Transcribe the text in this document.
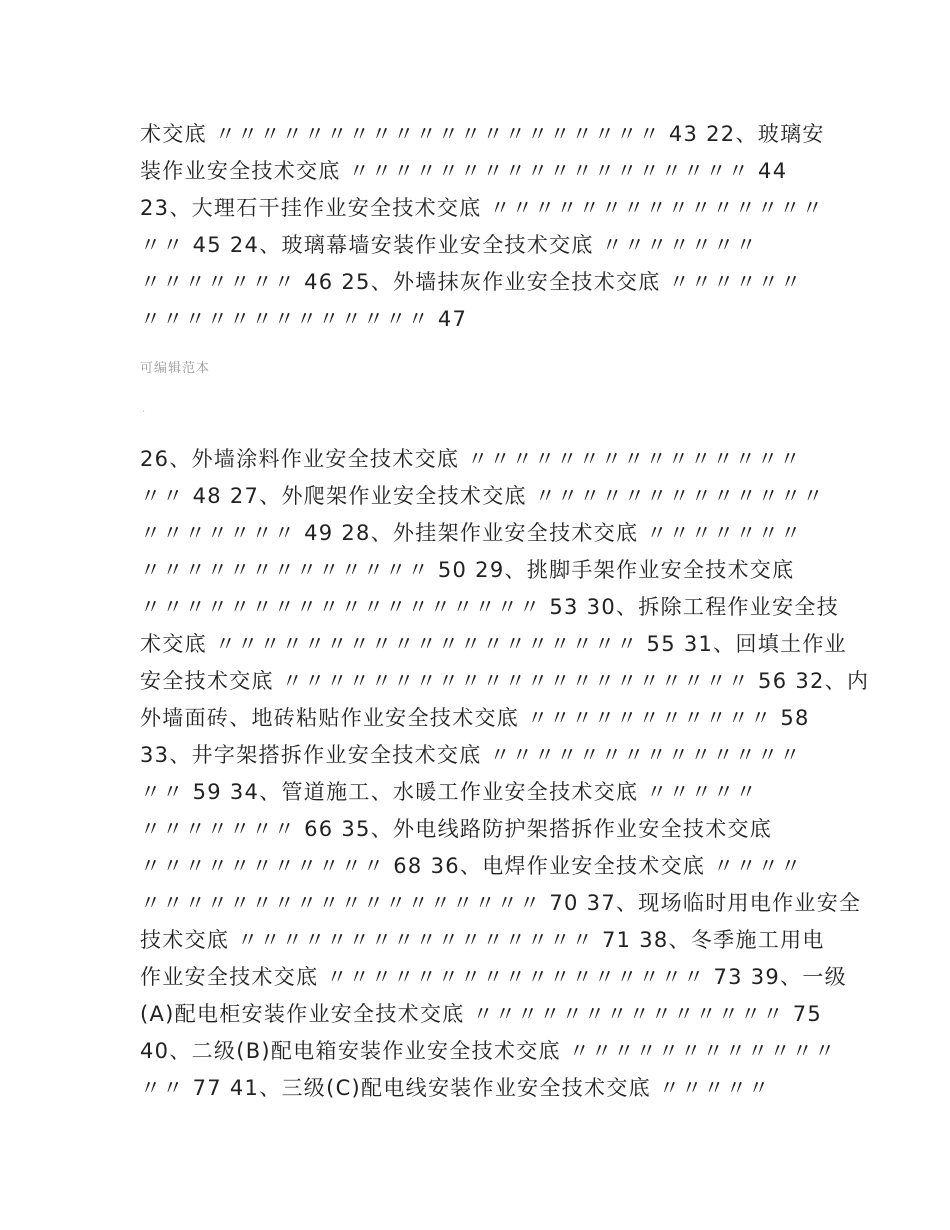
术交底 〃〃〃〃〃〃〃〃〃〃〃〃〃〃〃〃〃〃〃〃 43 22、玻璃安
装作业安全技术交底 〃〃〃〃〃〃〃〃〃〃〃〃〃〃〃〃〃〃 44
23、大理石干挂作业安全技术交底 〃〃〃〃〃〃〃〃〃〃〃〃〃〃〃
〃〃 45 24、玻璃幕墙安装作业安全技术交底 〃〃〃〃〃〃〃
〃〃〃〃〃〃〃 46 25、外墙抹灰作业安全技术交底 〃〃〃〃〃〃
〃〃〃〃〃〃〃〃〃〃〃〃〃 47
可编辑范本
.
26、外墙涂料作业安全技术交底 〃〃〃〃〃〃〃〃〃〃〃〃〃〃〃
〃〃 48 27、外爬架作业安全技术交底 〃〃〃〃〃〃〃〃〃〃〃〃〃
〃〃〃〃〃〃〃 49 28、外挂架作业安全技术交底 〃〃〃〃〃〃〃
〃〃〃〃〃〃〃〃〃〃〃〃〃 50 29、挑脚手架作业安全技术交底
〃〃〃〃〃〃〃〃〃〃〃〃〃〃〃〃〃〃 53 30、拆除工程作业安全技
术交底 〃〃〃〃〃〃〃〃〃〃〃〃〃〃〃〃〃〃〃 55 31、回填土作业
安全技术交底 〃〃〃〃〃〃〃〃〃〃〃〃〃〃〃〃〃〃〃〃〃 56 32、内
外墙面砖、地砖粘贴作业安全技术交底 〃〃〃〃〃〃〃〃〃〃〃 58
33、井字架搭拆作业安全技术交底 〃〃〃〃〃〃〃〃〃〃〃〃〃〃
〃〃 59 34、管道施工、水暖工作业安全技术交底 〃〃〃〃〃
〃〃〃〃〃〃〃 66 35、外电线路防护架搭拆作业安全技术交底
〃〃〃〃〃〃〃〃〃〃〃 68 36、电焊作业安全技术交底 〃〃〃〃
〃〃〃〃〃〃〃〃〃〃〃〃〃〃〃〃〃〃 70 37、现场临时用电作业安全
技术交底 〃〃〃〃〃〃〃〃〃〃〃〃〃〃〃〃 71 38、冬季施工用电
作业安全技术交底 〃〃〃〃〃〃〃〃〃〃〃〃〃〃〃〃〃 73 39、一级
(A)配电柜安装作业安全技术交底 〃〃〃〃〃〃〃〃〃〃〃〃〃〃 75
40、二级(B)配电箱安装作业安全技术交底 〃〃〃〃〃〃〃〃〃〃〃〃
〃〃 77 41、三级(C)配电线安装作业安全技术交底 〃〃〃〃〃
